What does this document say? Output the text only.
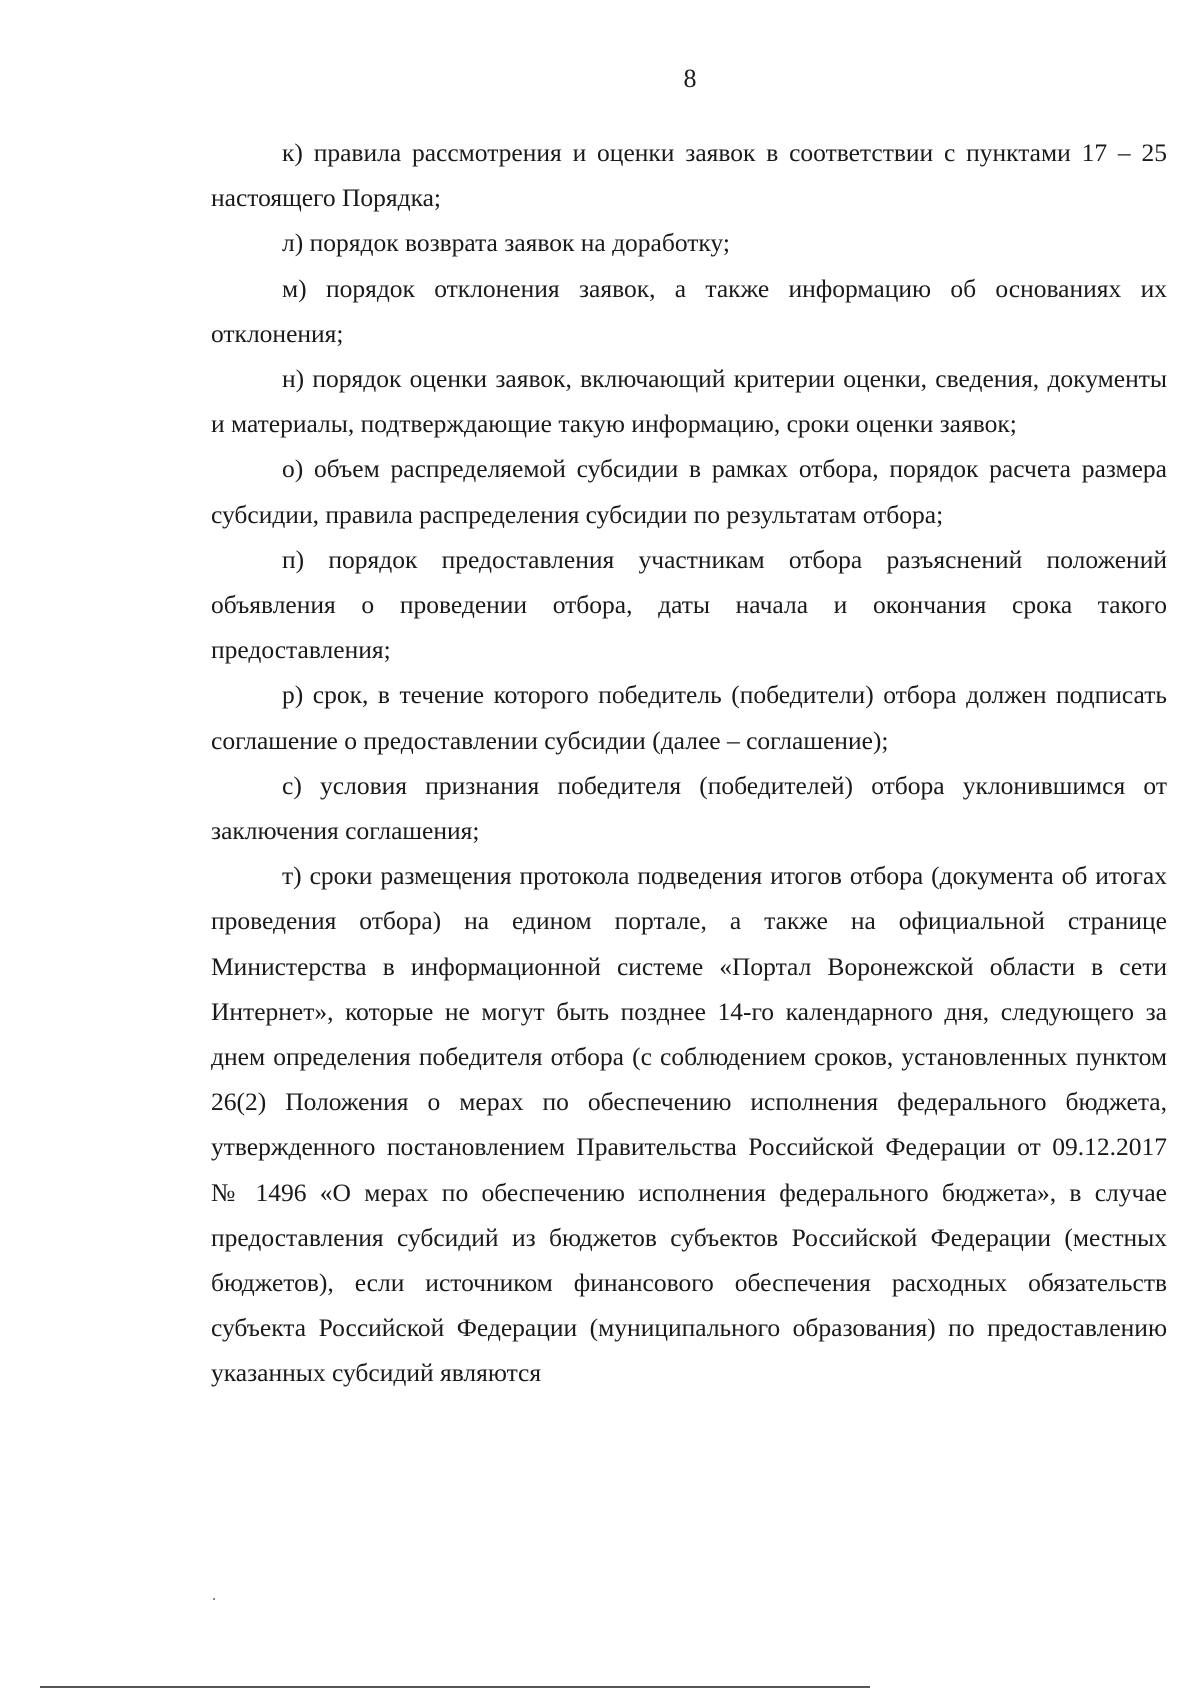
8

к) правила рассмотрения и оценки заявок в соответствии с пунктами 17 – 25 настоящего Порядка;

л) порядок возврата заявок на доработку;

м) порядок отклонения заявок, а также информацию об основаниях их отклонения;

н) порядок оценки заявок, включающий критерии оценки, сведения, документы и материалы, подтверждающие такую информацию, сроки оценки заявок;

о) объем распределяемой субсидии в рамках отбора, порядок расчета размера субсидии, правила распределения субсидии по результатам отбора;

п) порядок предоставления участникам отбора разъяснений положений объявления о проведении отбора, даты начала и окончания срока такого предоставления;

р) срок, в течение которого победитель (победители) отбора должен подписать соглашение о предоставлении субсидии (далее – соглашение);

с) условия признания победителя (победителей) отбора уклонившимся от заключения соглашения;

т) сроки размещения протокола подведения итогов отбора (документа об итогах проведения отбора) на едином портале, а также на официальной странице Министерства в информационной системе «Портал Воронежской области в сети Интернет», которые не могут быть позднее 14-го календарного дня, следующего за днем определения победителя отбора (с соблюдением сроков, установленных пунктом 26(2) Положения о мерах по обеспечению исполнения федерального бюджета, утвержденного постановлением Правительства Российской Федерации от 09.12.2017 № 1496 «О мерах по обеспечению исполнения федерального бюджета», в случае предоставления субсидий из бюджетов субъектов Российской Федерации (местных бюджетов), если источником финансового обеспечения расходных обязательств субъекта Российской Федерации (муниципального образования) по предоставлению указанных субсидий являются
